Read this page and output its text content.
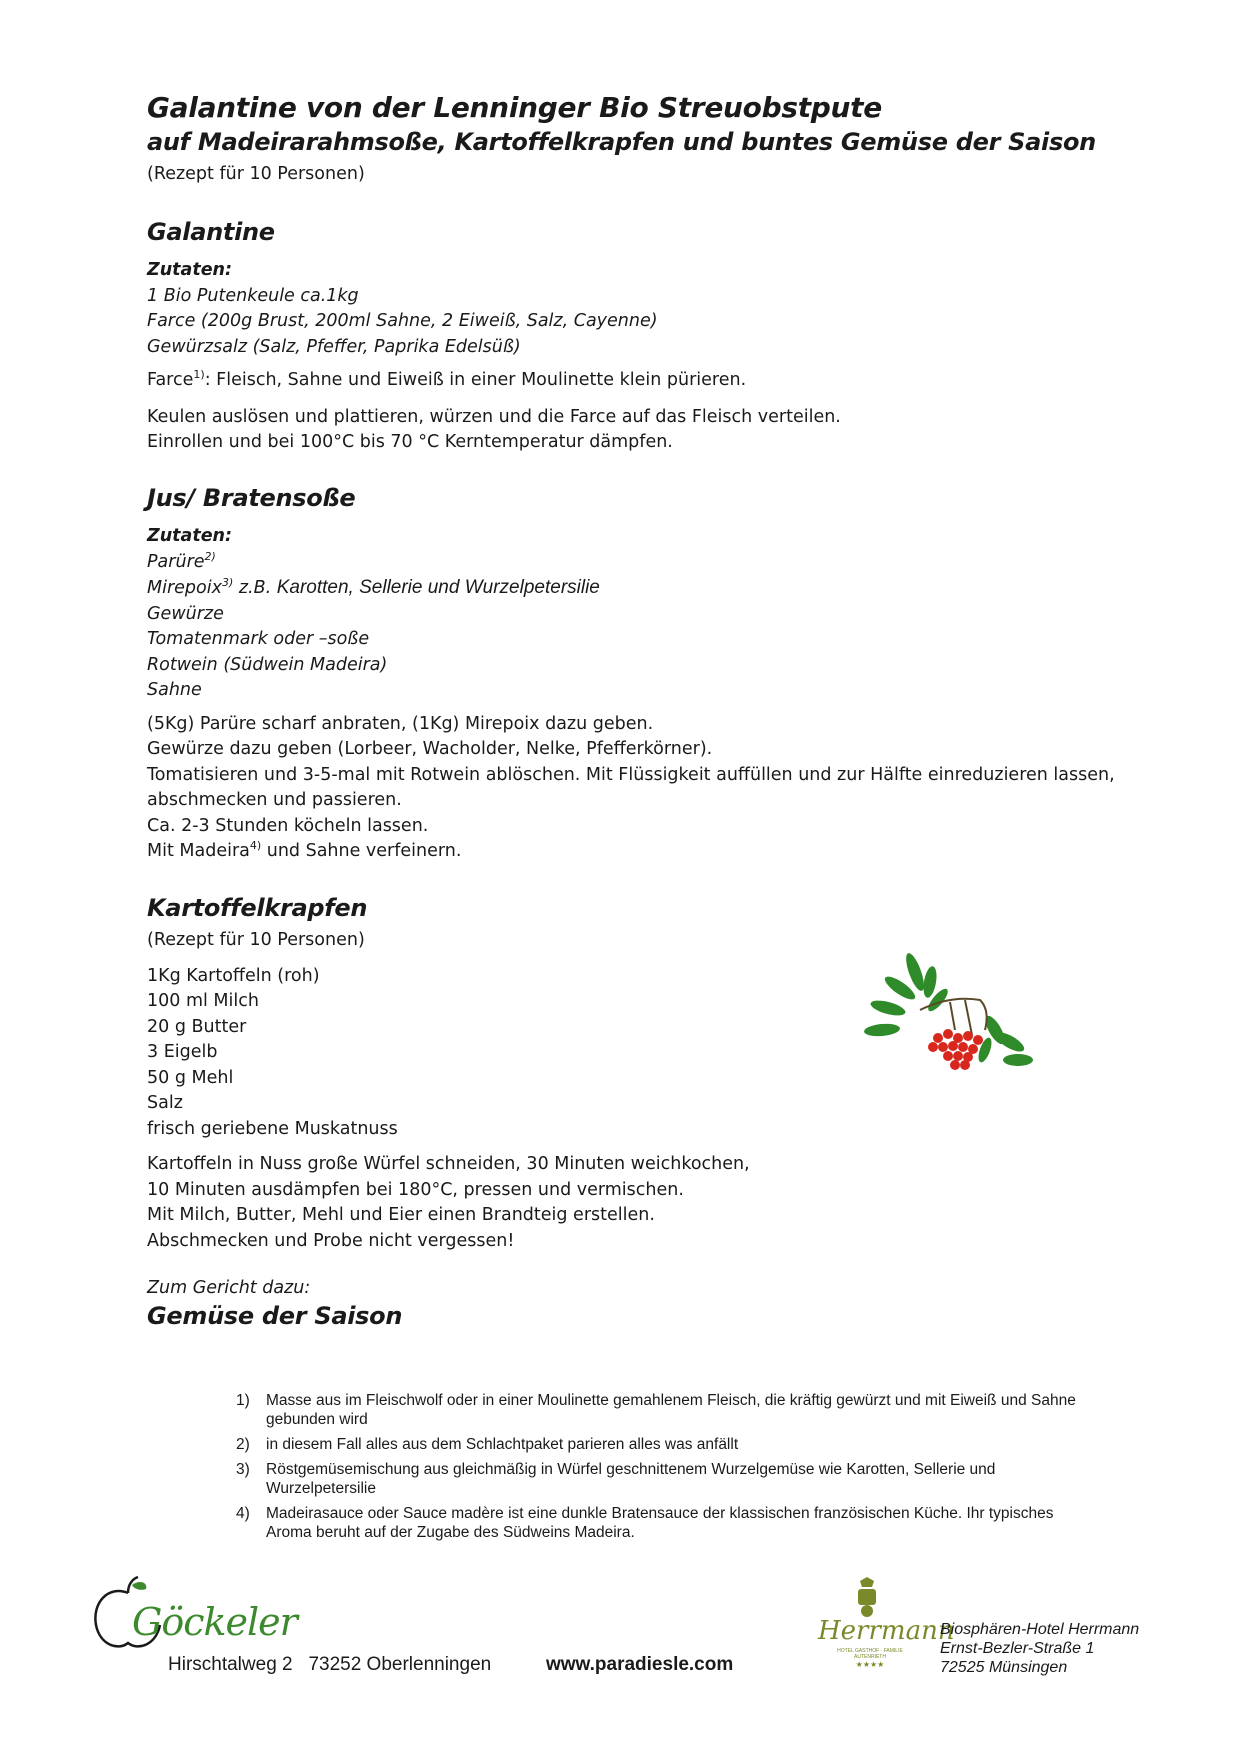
Galantine von der Lenninger Bio Streuobstpute
auf Madeirarahmsoße, Kartoffelkrapfen und buntes Gemüse der Saison
(Rezept für 10 Personen)
Galantine

Zutaten:

1 Bio Putenkeule ca.1kg

Farce (200g Brust, 200ml Sahne, 2 Eiweiß, Salz, Cayenne)

Gewürzsalz (Salz, Pfeffer, Paprika Edelsüß)

Farce$^{1)}$: Fleisch, Sahne und Eiweiß in einer Moulinette klein pürieren.

Keulen auslösen und plattieren, würzen und die Farce auf das Fleisch verteilen.

Einrollen und bei 100°C bis 70 °C Kerntemperatur dämpfen.

Jus/ Bratensoße

Zutaten:

Parüre$^{2)}$

Mirepoix$^{3)}$ z.B. Karotten, Sellerie und Wurzelpetersilie

Gewürze

Tomatenmark oder –soße

Rotwein (Südwein Madeira)

Sahne

(5Kg) Parüre scharf anbraten, (1Kg) Mirepoix dazu geben.

Gewürze dazu geben (Lorbeer, Wacholder, Nelke, Pfefferkörner).

Tomatisieren und 3-5-mal mit Rotwein ablöschen. Mit Flüssigkeit auffüllen und zur Hälfte einreduzieren lassen,

abschmecken und passieren.

Ca. 2-3 Stunden köcheln lassen.

Mit Madeira$^{4)}$ und Sahne verfeinern.

Kartoffelkrapfen

(Rezept für 10 Personen)

1Kg Kartoffeln (roh)

100 ml Milch

20 g Butter

3 Eigelb

50 g Mehl

Salz

frisch geriebene Muskatnuss

Kartoffeln in Nuss große Würfel schneiden, 30 Minuten weichkochen,

10 Minuten ausdämpfen bei 180°C, pressen und vermischen.

Mit Milch, Butter, Mehl und Eier einen Brandteig erstellen.

Abschmecken und Probe nicht vergessen!

Zum Gericht dazu:
Gemüse der Saison
1)	Masse aus im Fleischwolf oder in einer Moulinette gemahlenem Fleisch, die kräftig gewürzt und mit Eiweiß und Sahne gebunden wird
2)	in diesem Fall alles aus dem Schlachtpaket parieren alles was anfällt
3)	Röstgemüsemischung aus gleichmäßig in Würfel geschnittenem Wurzelgemüse wie Karotten, Sellerie und Wurzelpetersilie
4)	Madeirasauce oder Sauce madère ist eine dunkle Bratensauce der klassischen französischen Küche. Ihr typisches Aroma beruht auf der Zugabe des Südweins Madeira.
Göckeler
Hirschtalweg 2   73252 Oberlenningen	www.paradiesle.com
Herrmann
HOTEL GASTHOF · FAMILIE AUTENRIETH
★★★★
Biosphären-Hotel Herrmann
Ernst-Bezler-Straße 1
72525 Münsingen
